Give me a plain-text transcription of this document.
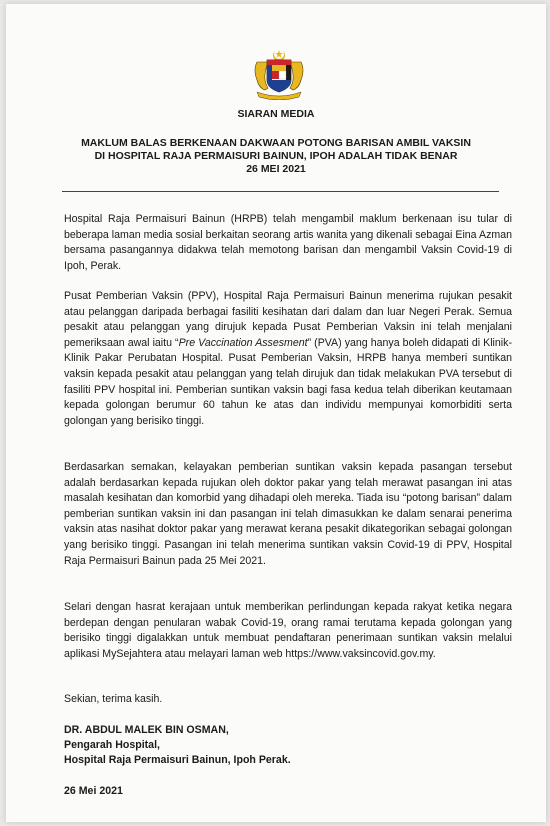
SIARAN MEDIA
MAKLUM BALAS BERKENAAN DAKWAAN POTONG BARISAN AMBIL VAKSIN
DI HOSPITAL RAJA PERMAISURI BAINUN, IPOH ADALAH TIDAK BENAR
26 MEI 2021

Hospital Raja Permaisuri Bainun (HRPB) telah mengambil maklum berkenaan isu tular di beberapa laman media sosial berkaitan seorang artis wanita yang dikenali sebagai Eina Azman bersama pasangannya didakwa telah memotong barisan dan mengambil Vaksin Covid-19 di Ipoh, Perak.

Pusat Pemberian Vaksin (PPV), Hospital Raja Permaisuri Bainun menerima rujukan pesakit atau pelanggan daripada berbagai fasiliti kesihatan dari dalam dan luar Negeri Perak. Semua pesakit atau pelanggan yang dirujuk kepada Pusat Pemberian Vaksin ini telah menjalani pemeriksaan awal iaitu “Pre Vaccination Assesment” (PVA) yang hanya boleh didapati di Klinik-Klinik Pakar Perubatan Hospital. Pusat Pemberian Vaksin, HRPB hanya memberi suntikan vaksin kepada pesakit atau pelanggan yang telah dirujuk dan tidak melakukan PVA tersebut di fasiliti PPV hospital ini. Pemberian suntikan vaksin bagi fasa kedua telah diberikan keutamaan kepada golongan berumur 60 tahun ke atas dan individu mempunyai komorbiditi serta golongan yang berisiko tinggi.

Berdasarkan semakan, kelayakan pemberian suntikan vaksin kepada pasangan tersebut adalah berdasarkan kepada rujukan oleh doktor pakar yang telah merawat pasangan ini atas masalah kesihatan dan komorbid yang dihadapi oleh mereka. Tiada isu “potong barisan” dalam pemberian suntikan vaksin ini dan pasangan ini telah dimasukkan ke dalam senarai penerima vaksin atas nasihat doktor pakar yang merawat kerana pesakit dikategorikan sebagai golongan yang berisiko tinggi. Pasangan ini telah menerima suntikan vaksin Covid-19 di PPV, Hospital Raja Permaisuri Bainun pada 25 Mei 2021.

Selari dengan hasrat kerajaan untuk memberikan perlindungan kepada rakyat ketika negara berdepan dengan penularan wabak Covid-19, orang ramai terutama kepada golongan yang berisiko tinggi digalakkan untuk membuat pendaftaran penerimaan suntikan vaksin melalui aplikasi MySejahtera atau melayari laman web https://www.vaksincovid.gov.my.

Sekian, terima kasih.
DR. ABDUL MALEK BIN OSMAN,
Pengarah Hospital,
Hospital Raja Permaisuri Bainun, Ipoh Perak.
26 Mei 2021
